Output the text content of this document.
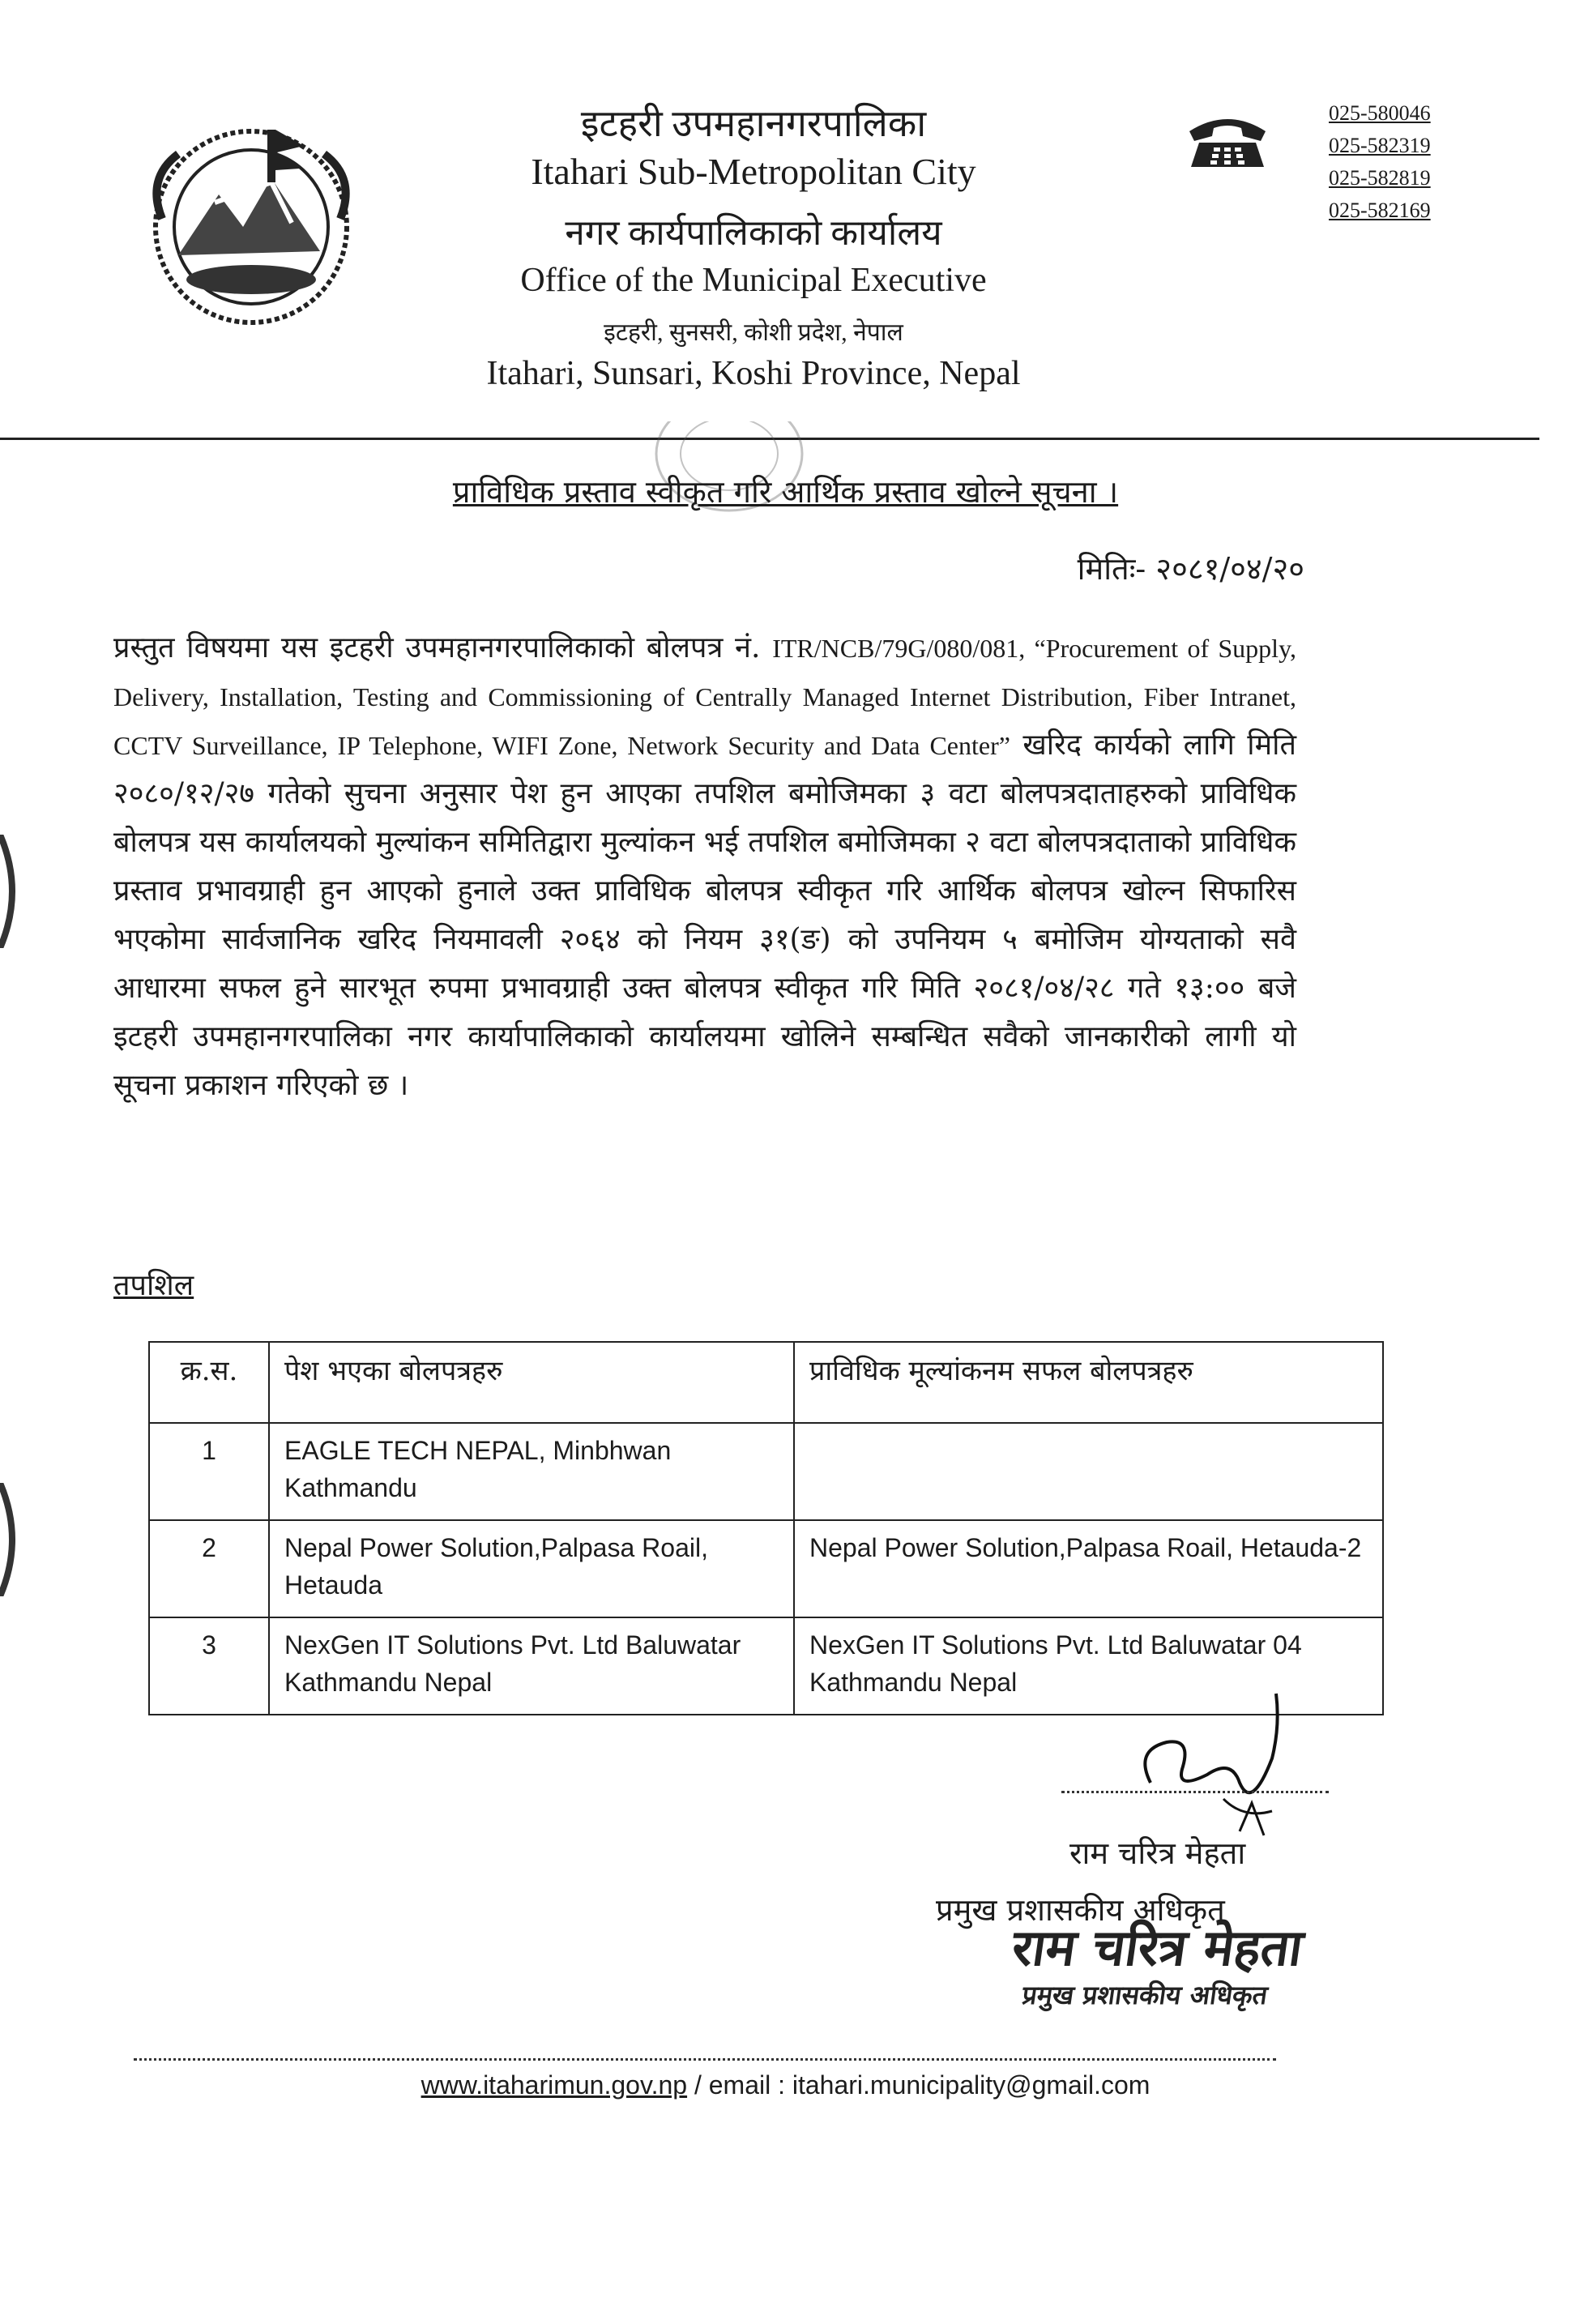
इटहरी उपमहानगरपालिका
Itahari Sub-Metropolitan City
नगर कार्यपालिकाको कार्यालय
Office of the Municipal Executive
इटहरी, सुनसरी, कोशी प्रदेश, नेपाल
Itahari, Sunsari, Koshi Province, Nepal
025-580046
025-582319
025-582819
025-582169
प्राविधिक प्रस्ताव स्वीकृत गरि आर्थिक प्रस्ताव खोल्ने सूचना ।
मितिः- २०८१/०४/२०
प्रस्तुत विषयमा यस इटहरी उपमहानगरपालिकाको बोलपत्र नं. ITR/NCB/79G/080/081, “Procurement of Supply, Delivery, Installation, Testing and Commissioning of Centrally Managed Internet Distribution, Fiber Intranet, CCTV Surveillance, IP Telephone, WIFI Zone, Network Security and Data Center” खरिद कार्यको लागि मिति २०८०/१२/२७ गतेको सुचना अनुसार पेश हुन आएका तपशिल बमोजिमका ३ वटा बोलपत्रदाताहरुको प्राविधिक बोलपत्र यस कार्यालयको मुल्यांकन समितिद्वारा मुल्यांकन भई तपशिल बमोजिमका २ वटा बोलपत्रदाताको प्राविधिक प्रस्ताव प्रभावग्राही हुन आएको हुनाले उक्त प्राविधिक बोलपत्र स्वीकृत गरि आर्थिक बोलपत्र खोल्न सिफारिस भएकोमा सार्वजानिक खरिद नियमावली २०६४ को नियम ३१(ङ) को उपनियम ५ बमोजिम योग्यताको सवै आधारमा सफल हुने सारभूत रुपमा प्रभावग्राही उक्त बोलपत्र स्वीकृत गरि मिति २०८१/०४/२८ गते १३:०० बजे इटहरी उपमहानगरपालिका नगर कार्यापालिकाको कार्यालयमा खोलिने सम्बन्धित सवैको जानकारीको लागी यो सूचना प्रकाशन गरिएको छ ।
तपशिल
क्र.स.	पेश भएका बोलपत्रहरु	प्राविधिक मूल्यांकनम सफल बोलपत्रहरु
1	EAGLE TECH NEPAL, Minbhwan Kathmandu	
2	Nepal Power Solution,Palpasa Roail, Hetauda	Nepal Power Solution,Palpasa Roail, Hetauda-2
3	NexGen IT Solutions Pvt. Ltd Baluwatar Kathmandu Nepal	NexGen IT Solutions Pvt. Ltd Baluwatar 04 Kathmandu Nepal
राम चरित्र मेहता
प्रमुख प्रशासकीय अधिकृत
राम चरित्र मेहता
प्रमुख प्रशासकीय अधिकृत
www.itaharimun.gov.np / email : itahari.municipality@gmail.com
